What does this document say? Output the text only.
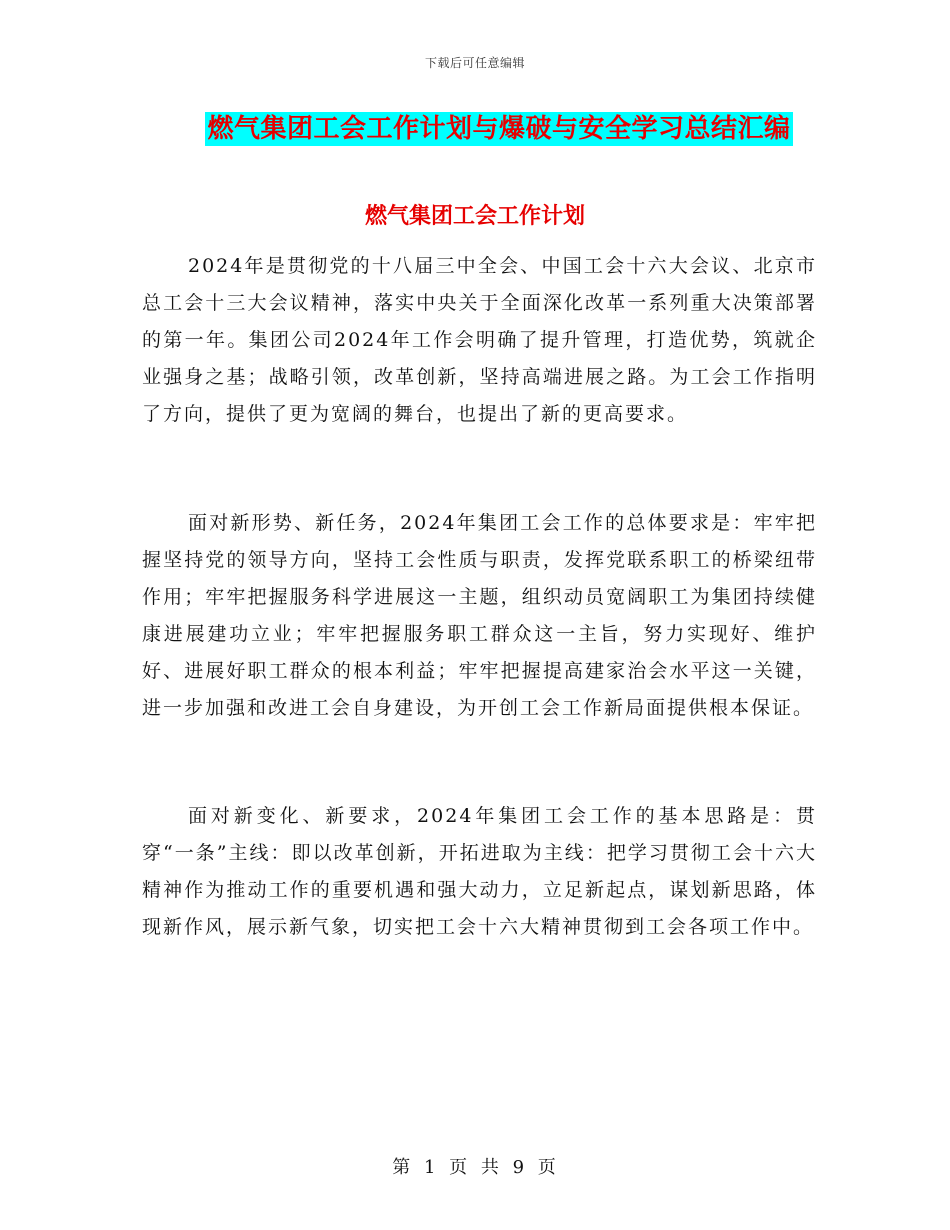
下载后可任意编辑
燃气集团工会工作计划与爆破与安全学习总结汇编
燃气集团工会工作计划

2024年是贯彻党的十八届三中全会、中国工会十六大会议、北京市总工会十三大会议精神，落实中央关于全面深化改革一系列重大决策部署的第一年。集团公司2024年工作会明确了提升管理，打造优势，筑就企业强身之基；战略引领，改革创新，坚持高端进展之路。为工会工作指明了方向，提供了更为宽阔的舞台，也提出了新的更高要求。

面对新形势、新任务，2024年集团工会工作的总体要求是：牢牢把握坚持党的领导方向，坚持工会性质与职责，发挥党联系职工的桥梁纽带作用；牢牢把握服务科学进展这一主题，组织动员宽阔职工为集团持续健康进展建功立业；牢牢把握服务职工群众这一主旨，努力实现好、维护好、进展好职工群众的根本利益；牢牢把握提高建家治会水平这一关键，进一步加强和改进工会自身建设，为开创工会工作新局面提供根本保证。

面对新变化、新要求，2024年集团工会工作的基本思路是：贯穿“一条”主线：即以改革创新，开拓进取为主线：把学习贯彻工会十六大精神作为推动工作的重要机遇和强大动力，立足新起点，谋划新思路，体现新作风，展示新气象，切实把工会十六大精神贯彻到工会各项工作中。

第 1 页 共 9 页
